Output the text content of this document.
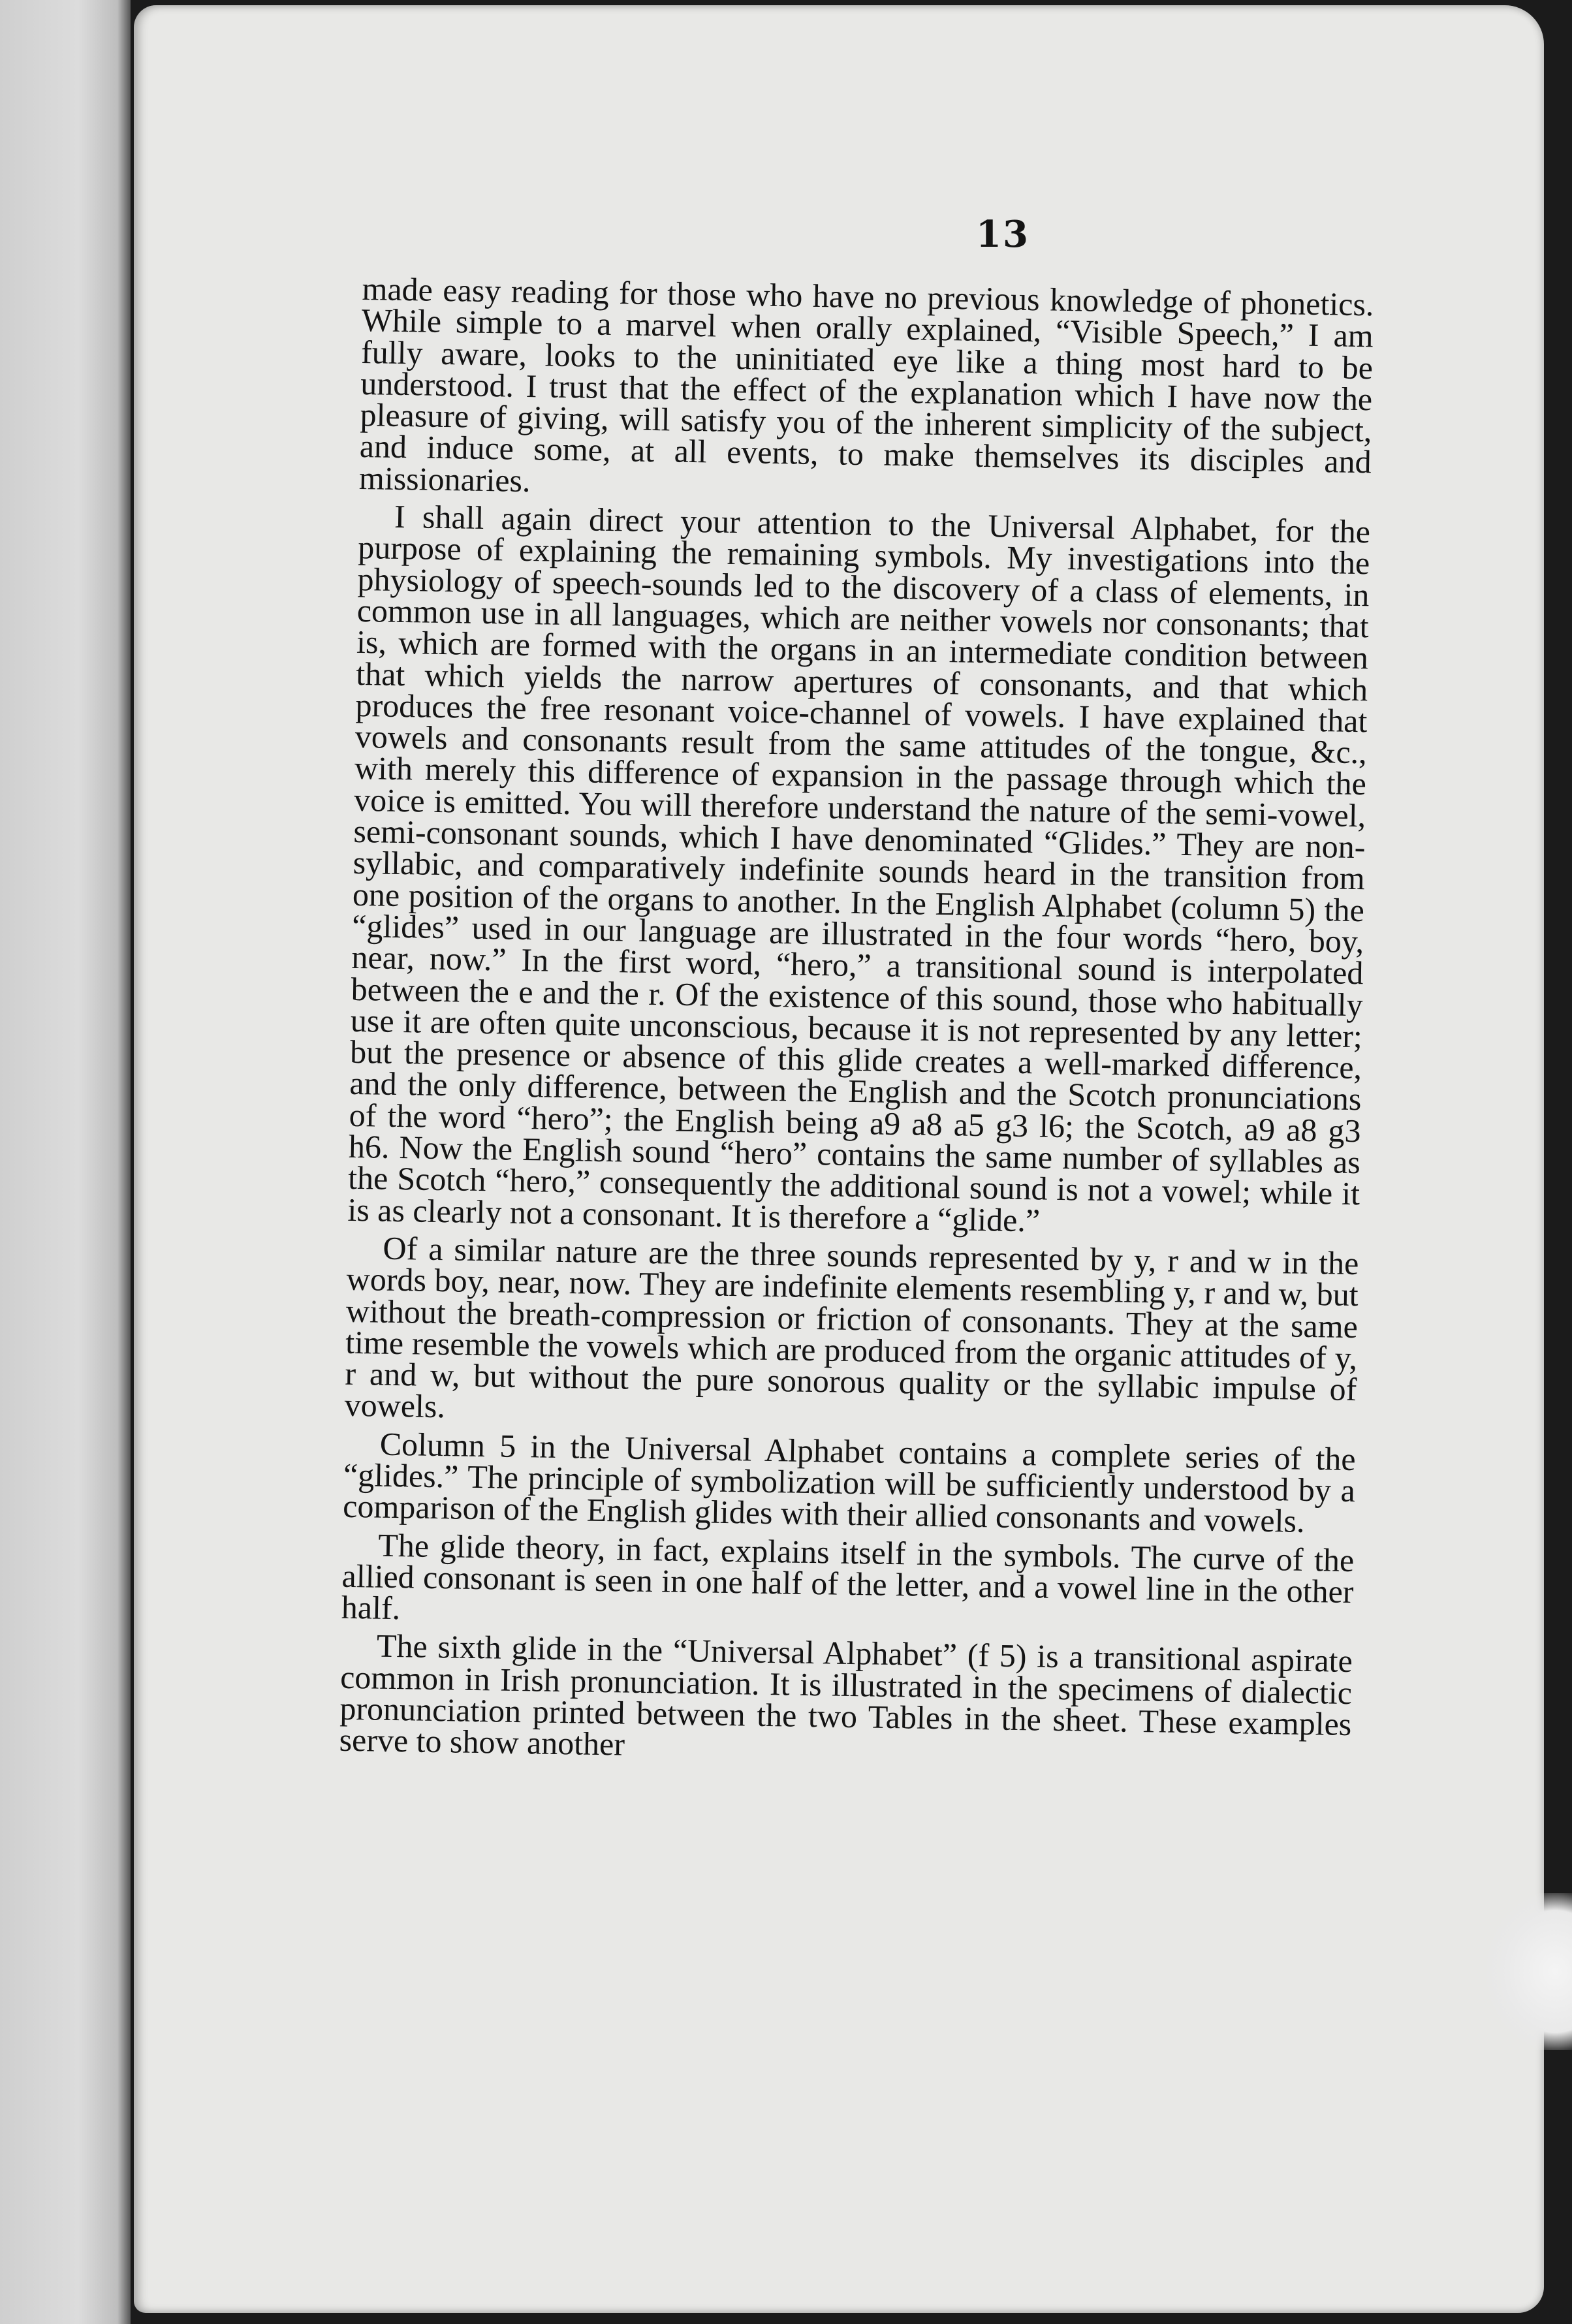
13

made easy reading for those who have no previous knowledge of phonetics. While simple to a marvel when orally explained, “Visible Speech,” I am fully aware, looks to the uninitiated eye like a thing most hard to be understood. I trust that the effect of the explanation which I have now the pleasure of giving, will satisfy you of the inherent simplicity of the subject, and induce some, at all events, to make themselves its disciples and missionaries.

I shall again direct your attention to the Universal Alphabet, for the purpose of explaining the remaining symbols. My investigations into the physiology of speech-sounds led to the discovery of a class of elements, in common use in all languages, which are neither vowels nor consonants; that is, which are formed with the organs in an intermediate condition between that which yields the narrow apertures of consonants, and that which produces the free resonant voice-channel of vowels. I have explained that vowels and consonants result from the same attitudes of the tongue, &c., with merely this difference of expansion in the passage through which the voice is emitted. You will therefore understand the nature of the semi-vowel, semi-consonant sounds, which I have denominated “Glides.” They are non-syllabic, and comparatively indefinite sounds heard in the transition from one position of the organs to another. In the English Alphabet (column 5) the “glides” used in our language are illustrated in the four words “hero, boy, near, now.” In the first word, “hero,” a transitional sound is interpolated between the e and the r. Of the existence of this sound, those who habitually use it are often quite unconscious, because it is not represented by any letter; but the presence or absence of this glide creates a well-marked difference, and the only difference, between the English and the Scotch pronunciations of the word “hero”; the English being a9 a8 a5 g3 l6; the Scotch, a9 a8 g3 h6. Now the English sound “hero” contains the same number of syllables as the Scotch “hero,” consequently the additional sound is not a vowel; while it is as clearly not a consonant. It is therefore a “glide.”

Of a similar nature are the three sounds represented by y, r and w in the words boy, near, now. They are indefinite elements resembling y, r and w, but without the breath-compression or friction of consonants. They at the same time resemble the vowels which are produced from the organic attitudes of y, r and w, but without the pure sonorous quality or the syllabic impulse of vowels.

Column 5 in the Universal Alphabet contains a complete series of the “glides.” The principle of symbolization will be sufficiently understood by a comparison of the English glides with their allied consonants and vowels.

The glide theory, in fact, explains itself in the symbols. The curve of the allied consonant is seen in one half of the letter, and a vowel line in the other half.

The sixth glide in the “Universal Alphabet” (f 5) is a transitional aspirate common in Irish pronunciation. It is illustrated in the specimens of dialectic pronunciation printed between the two Tables in the sheet. These examples serve to show another
